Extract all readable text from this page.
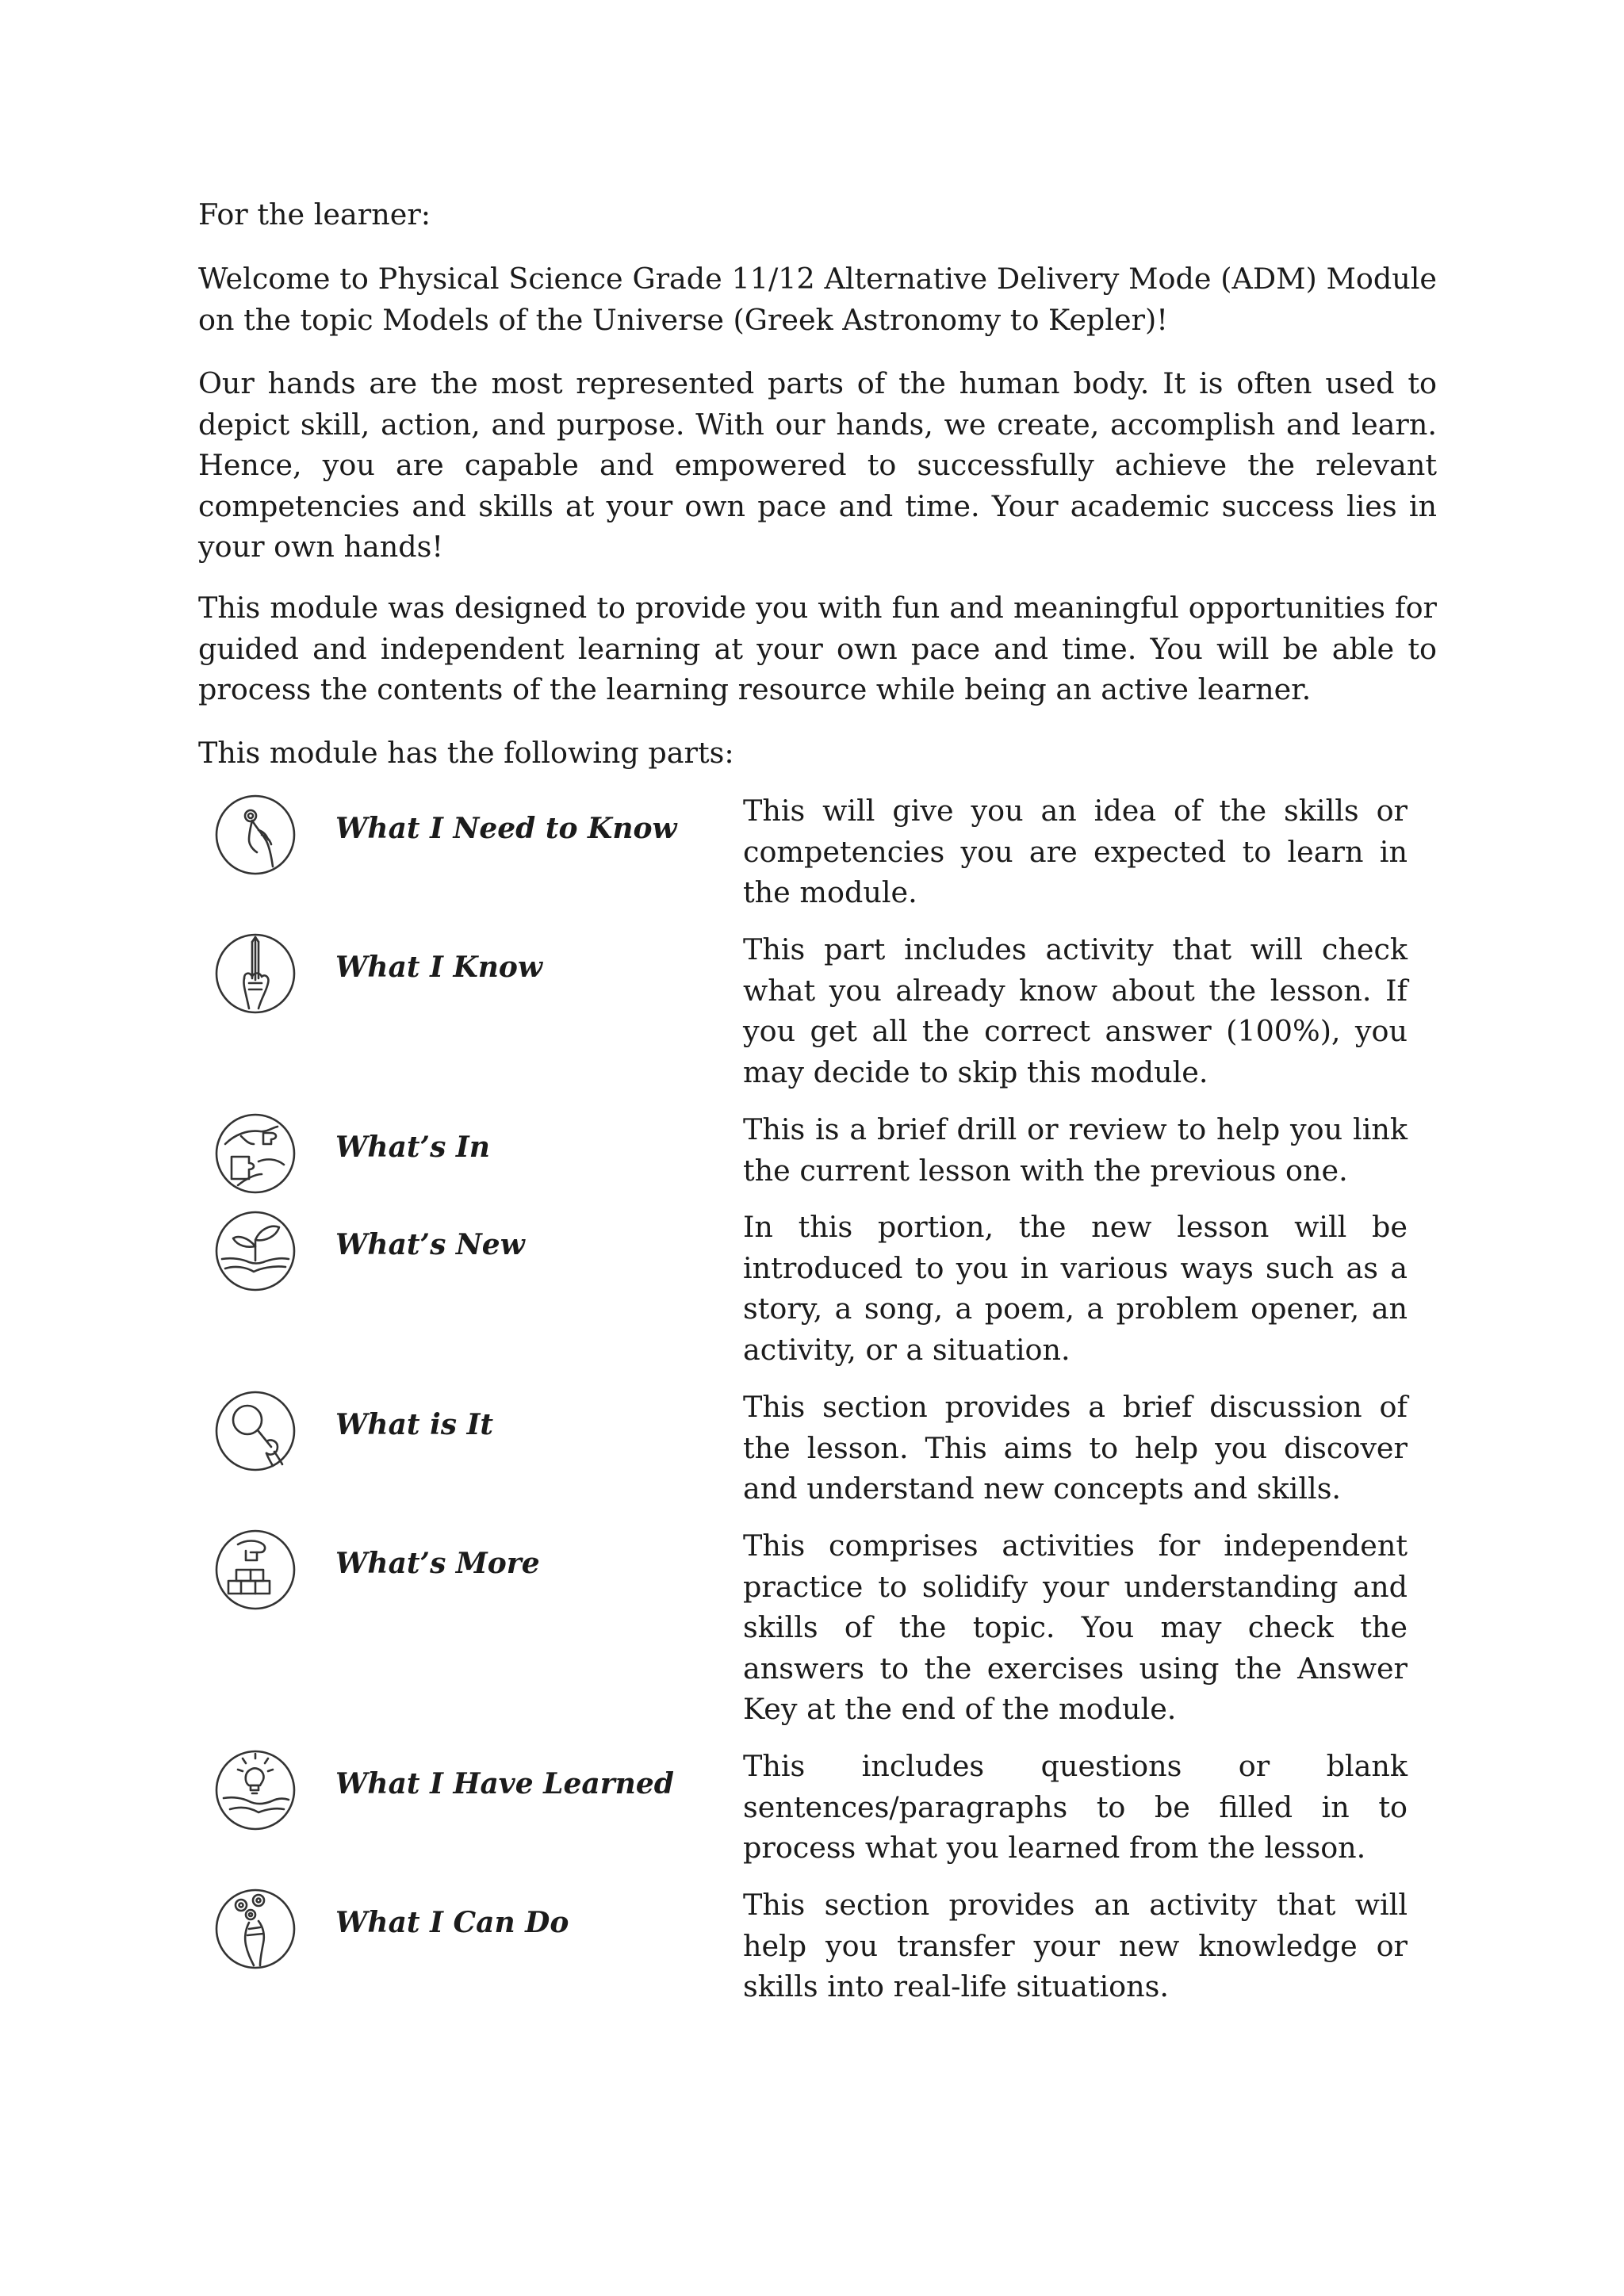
For the learner:

Welcome to Physical Science Grade 11/12 Alternative Delivery Mode (ADM) Module on the topic Models of the Universe (Greek Astronomy to Kepler)!

Our hands are the most represented parts of the human body. It is often used to depict skill, action, and purpose. With our hands, we create, accomplish and learn. Hence, you are capable and empowered to successfully achieve the relevant competencies and skills at your own pace and time. Your academic success lies in your own hands!

This module was designed to provide you with fun and meaningful opportunities for guided and independent learning at your own pace and time. You will be able to process the contents of the learning resource while being an active learner.

This module has the following parts:

What I Need to Know

This will give you an idea of the skills or competencies you are expected to learn in the module.

What I Know

This part includes activity that will check what you already know about the lesson. If you get all the correct answer (100%), you may decide to skip this module.

What’s In

This is a brief drill or review to help you link the current lesson with the previous one.

What’s New

In this portion, the new lesson will be introduced to you in various ways such as a story, a song, a poem, a problem opener, an activity, or a situation.

What is It

This section provides a brief discussion of the lesson. This aims to help you discover and understand new concepts and skills.

What’s More

This comprises activities for independent practice to solidify your understanding and skills of the topic. You may check the answers to the exercises using the Answer Key at the end of the module.

What I Have Learned

This includes questions or blank sentences/paragraphs to be filled in to process what you learned from the lesson.

What I Can Do

This section provides an activity that will help you transfer your new knowledge or skills into real-life situations.
